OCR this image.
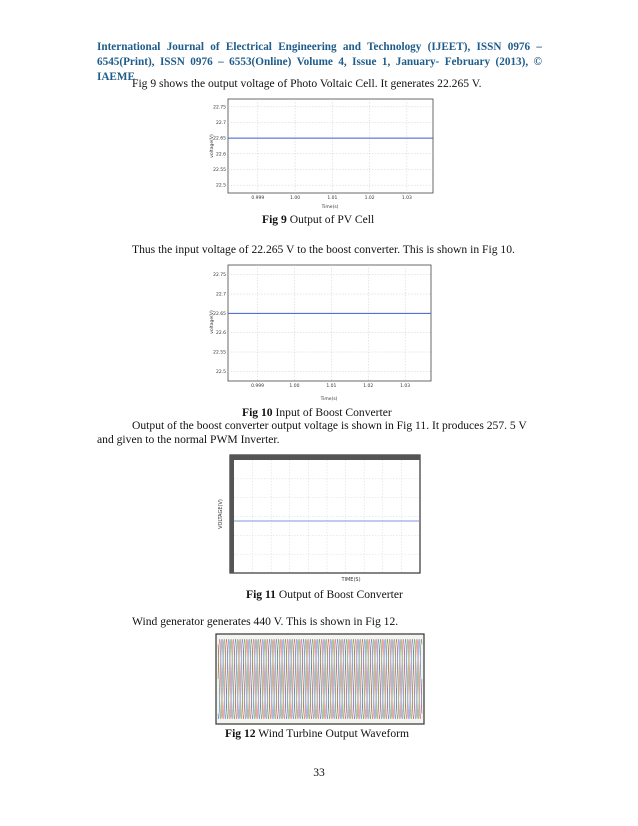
International Journal of Electrical Engineering and Technology (IJEET), ISSN 0976 –
6545(Print), ISSN 0976 – 6553(Online) Volume 4, Issue 1, January- February (2013), © IAEME
Fig 9 shows the output voltage of Photo Voltaic Cell. It generates 22.265 V.
22.75
22.7
22.65
22.6
22.55
22.5
0.999	1.00	1.01	1.02	1.03
voltage(V)
Time(s)
Fig 9 Output of PV Cell
Thus the input voltage of 22.265 V to the boost converter. This is shown in Fig 10.
22.75
22.7
22.65
22.6
22.55
22.5
0.999	1.00	1.01	1.02	1.03
voltage(V)
Time(s)
Fig 10 Input of Boost Converter
Output of the boost converter output voltage is shown in Fig 11. It produces 257. 5 V
and given to the normal PWM Inverter.
VOLTAGE(V)
TIME(S)
Fig 11 Output of Boost Converter
Wind generator generates 440 V. This is shown in Fig 12.
Fig 12 Wind Turbine Output Waveform
33
